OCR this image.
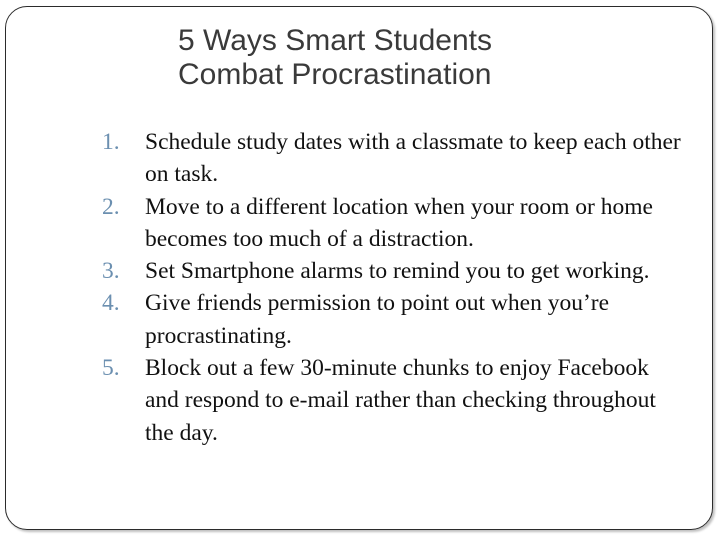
5 Ways Smart Students
Combat Procrastination
1. Schedule study dates with a classmate to keep each other on task.
2. Move to a different location when your room or home becomes too much of a distraction.
3. Set Smartphone alarms to remind you to get working.
4. Give friends permission to point out when you’re procrastinating.
5. Block out a few 30-minute chunks to enjoy Facebook and respond to e-mail rather than checking throughout the day.
